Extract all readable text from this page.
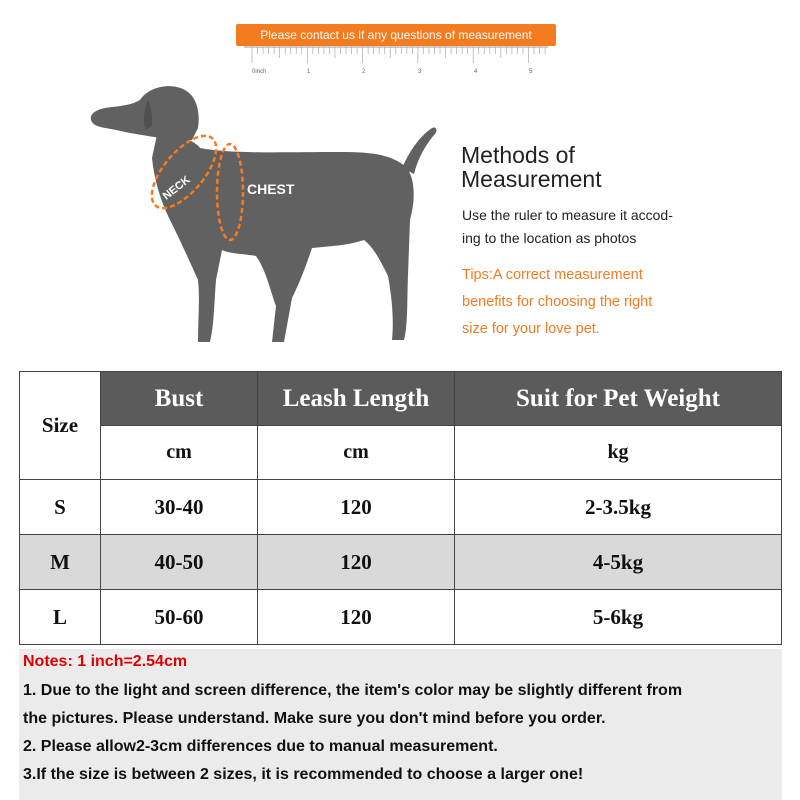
Please contact us if any questions of measurement
0inch	1	2	3	4	5
NECK	CHEST
Methods of
Measurement
Use the ruler to measure it accod-
ing to the location as photos
Tips:A correct measurement
benefits for choosing the right
size for your love pet.
Size	Bust	Leash Length	Suit for Pet Weight
	cm	cm	kg
S	30-40	120	2-3.5kg
M	40-50	120	4-5kg
L	50-60	120	5-6kg
Notes: 1 inch=2.54cm
1. Due to the light and screen difference, the item's color may be slightly different from
the pictures. Please understand. Make sure you don't mind before you order.
2. Please allow2-3cm differences due to manual measurement.
3.If the size is between 2 sizes, it is recommended to choose a larger one!
